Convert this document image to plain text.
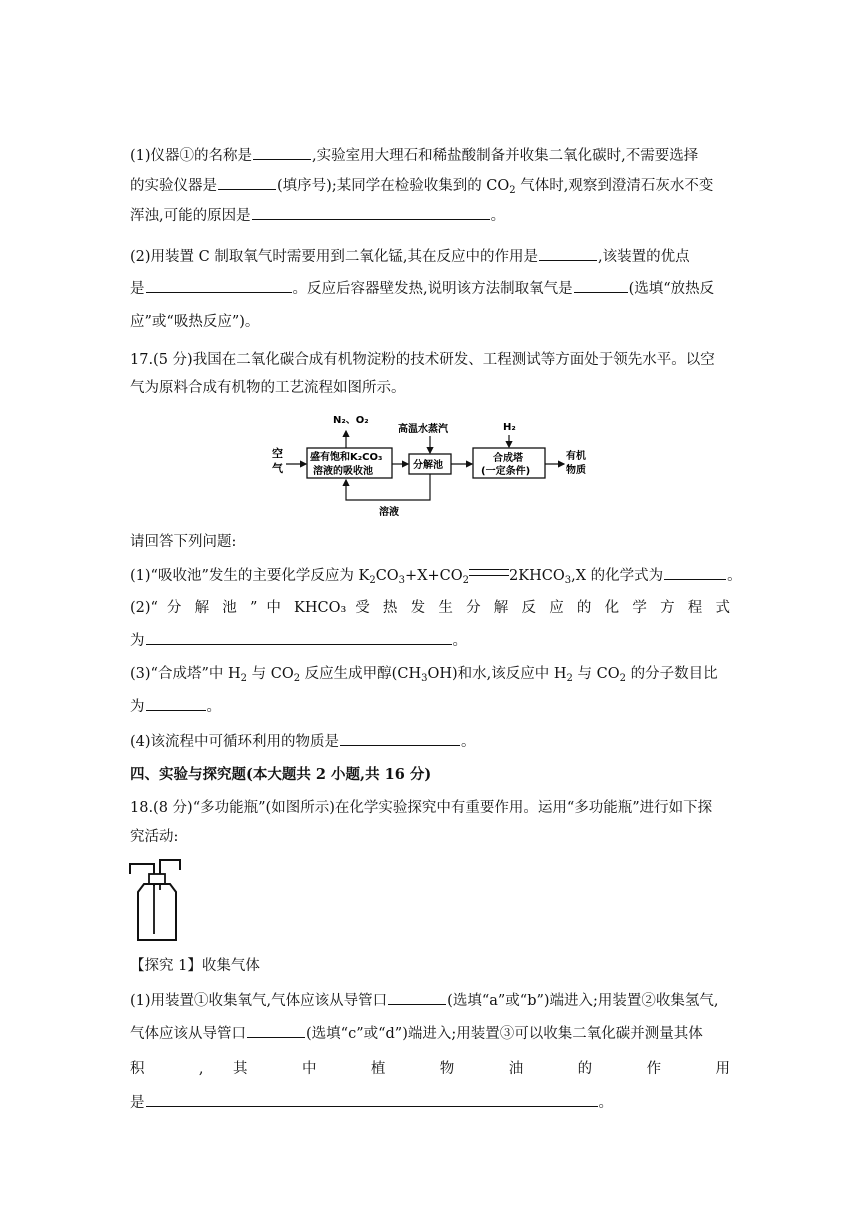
(1)仪器①的名称是	,实验室用大理石和稀盐酸制备并收集二氧化碳时,不需要选择
的实验仪器是	(填序号);某同学在检验收集到的 $CO_2$ 气体时,观察到澄清石灰水不变
浑浊,可能的原因是	。
(2)用装置 C 制取氧气时需要用到二氧化锰,其在反应中的作用是	,该装置的优点
是	。反应后容器壁发热,说明该方法制取氧气是	(选填“放热反
应”或“吸热反应”)。
17.(5 分)我国在二氧化碳合成有机物淀粉的技术研发、工程测试等方面处于领先水平。以空
气为原料合成有机物的工艺流程如图所示。
空
气
盛有饱和K₂CO₃
溶液的吸收池
N₂、O₂
高温水蒸汽
分解池
H₂
合成塔
(一定条件)
有机
物质
溶液
请回答下列问题:
(1)“吸收池”发生的主要化学反应为 $K_2CO_3+X+CO_2$	$2KHCO_3,X$ 的化学式为	。
(2)“ 分 解 池 ” 中 KHCO₃ 受 热 发 生 分 解 反 应 的 化 学 方 程 式
为	。
(3)“合成塔”中 $H_2$ 与 $CO_2$ 反应生成甲醇$(CH_3OH)$和水,该反应中 $H_2$ 与 $CO_2$ 的分子数目比
为	。
(4)该流程中可循环利用的物质是	。
四、实验与探究题(本大题共 2 小题,共 16 分)
18.(8 分)“多功能瓶”(如图所示)在化学实验探究中有重要作用。运用“多功能瓶”进行如下探
究活动:
【探究 1】收集气体
(1)用装置①收集氧气,气体应该从导管口	(选填“a”或“b”)端进入;用装置②收集氢气,
气体应该从导管口	(选填“c”或“d”)端进入;用装置③可以收集二氧化碳并测量其体
积 , 其 中 植 物 油 的 作 用
是	。
